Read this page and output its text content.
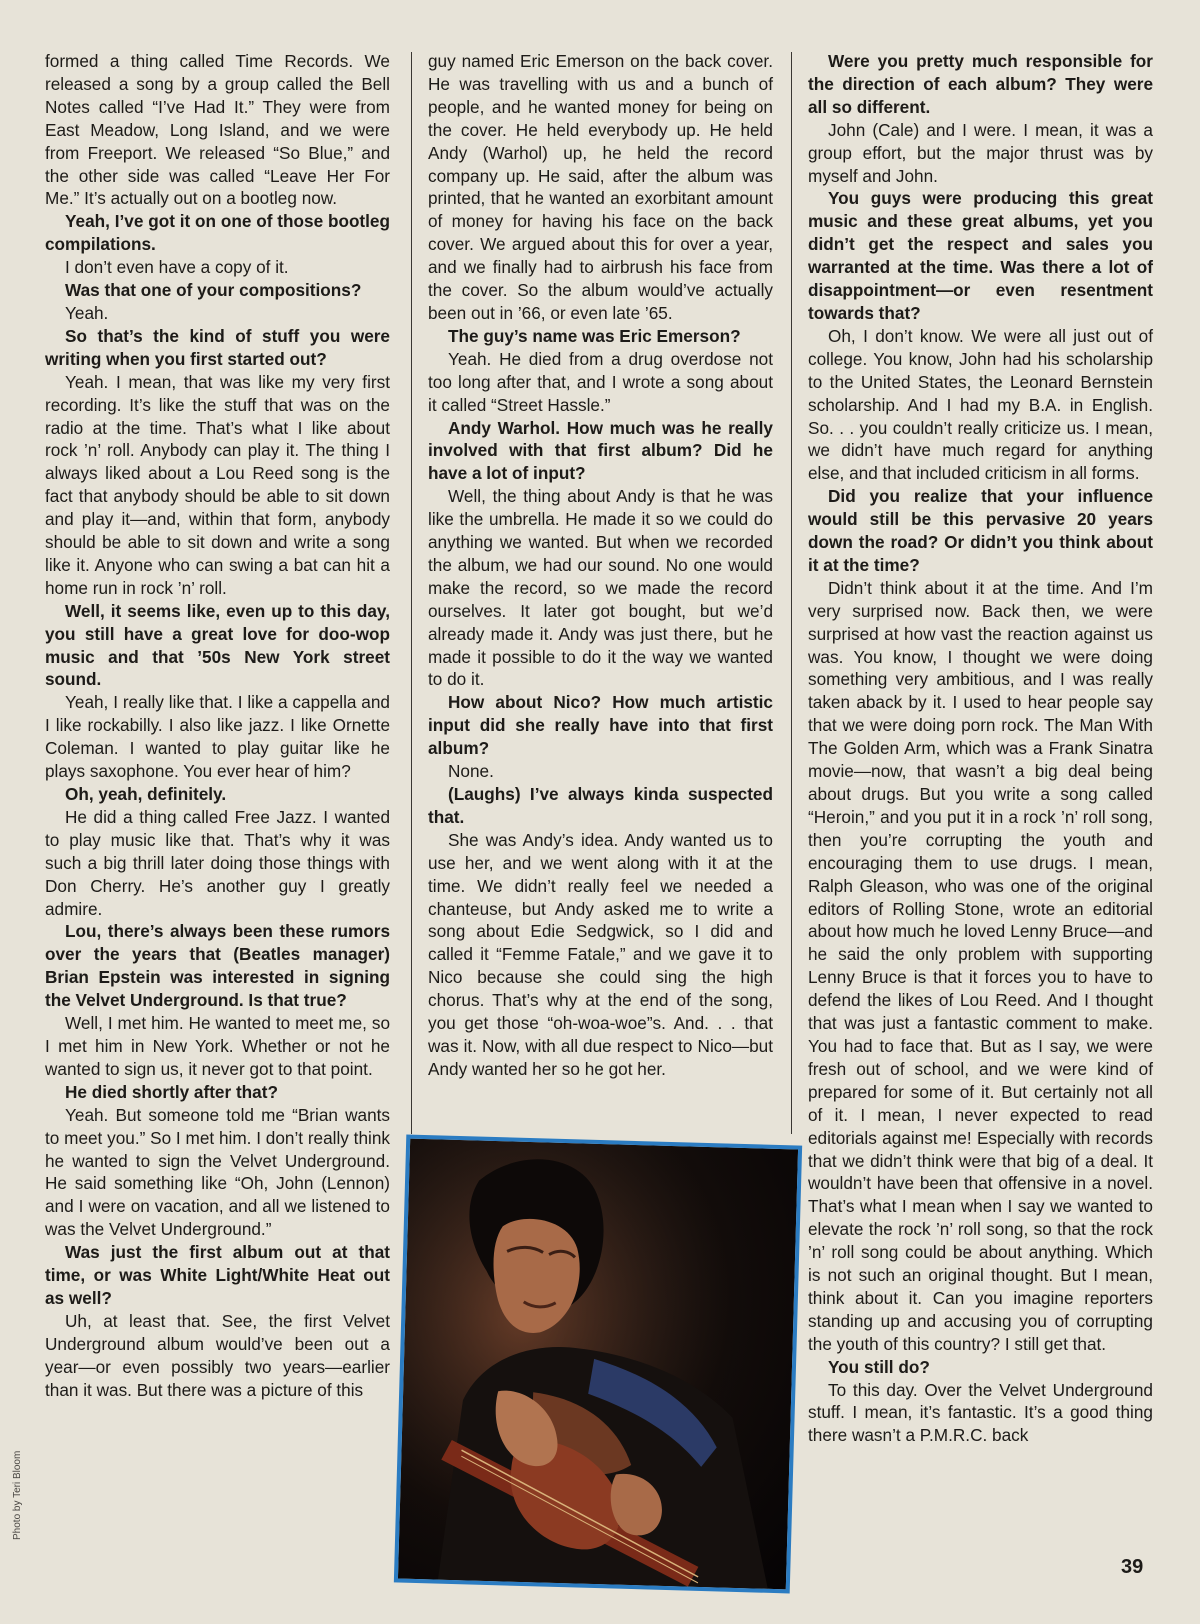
formed a thing called Time Records. We released a song by a group called the Bell Notes called “I’ve Had It.” They were from East Meadow, Long Island, and we were from Freeport. We released “So Blue,” and the other side was called “Leave Her For Me.” It’s actually out on a bootleg now.

Yeah, I’ve got it on one of those bootleg compilations.

I don’t even have a copy of it.

Was that one of your compositions?

Yeah.

So that’s the kind of stuff you were writing when you first started out?

Yeah. I mean, that was like my very first recording. It’s like the stuff that was on the radio at the time. That’s what I like about rock ’n’ roll. Anybody can play it. The thing I always liked about a Lou Reed song is the fact that anybody should be able to sit down and play it—and, within that form, anybody should be able to sit down and write a song like it. Anyone who can swing a bat can hit a home run in rock ’n’ roll.

Well, it seems like, even up to this day, you still have a great love for doo-wop music and that ’50s New York street sound.

Yeah, I really like that. I like a cappella and I like rockabilly. I also like jazz. I like Ornette Coleman. I wanted to play guitar like he plays saxophone. You ever hear of him?

Oh, yeah, definitely.

He did a thing called Free Jazz. I wanted to play music like that. That’s why it was such a big thrill later doing those things with Don Cherry. He’s another guy I greatly admire.

Lou, there’s always been these rumors over the years that (Beatles manager) Brian Epstein was interested in signing the Velvet Underground. Is that true?

Well, I met him. He wanted to meet me, so I met him in New York. Whether or not he wanted to sign us, it never got to that point.

He died shortly after that?

Yeah. But someone told me “Brian wants to meet you.” So I met him. I don’t really think he wanted to sign the Velvet Underground. He said something like “Oh, John (Lennon) and I were on vacation, and all we listened to was the Velvet Underground.”

Was just the first album out at that time, or was White Light/White Heat out as well?

Uh, at least that. See, the first Velvet Underground album would’ve been out a year—or even possibly two years—earlier than it was. But there was a picture of this

guy named Eric Emerson on the back cover. He was travelling with us and a bunch of people, and he wanted money for being on the cover. He held everybody up. He held Andy (Warhol) up, he held the record company up. He said, after the album was printed, that he wanted an exorbitant amount of money for having his face on the back cover. We argued about this for over a year, and we finally had to airbrush his face from the cover. So the album would’ve actually been out in ’66, or even late ’65.

The guy’s name was Eric Emerson?

Yeah. He died from a drug overdose not too long after that, and I wrote a song about it called “Street Hassle.”

Andy Warhol. How much was he really involved with that first album? Did he have a lot of input?

Well, the thing about Andy is that he was like the umbrella. He made it so we could do anything we wanted. But when we recorded the album, we had our sound. No one would make the record, so we made the record ourselves. It later got bought, but we’d already made it. Andy was just there, but he made it possible to do it the way we wanted to do it.

How about Nico? How much artistic input did she really have into that first album?

None.

(Laughs) I’ve always kinda suspected that.

She was Andy’s idea. Andy wanted us to use her, and we went along with it at the time. We didn’t really feel we needed a chanteuse, but Andy asked me to write a song about Edie Sedgwick, so I did and called it “Femme Fatale,” and we gave it to Nico because she could sing the high chorus. That’s why at the end of the song, you get those “oh-woa-woe”s. And. . . that was it. Now, with all due respect to Nico—but Andy wanted her so he got her.

Were you pretty much responsible for the direction of each album? They were all so different.

John (Cale) and I were. I mean, it was a group effort, but the major thrust was by myself and John.

You guys were producing this great music and these great albums, yet you didn’t get the respect and sales you warranted at the time. Was there a lot of disappointment—or even resentment towards that?

Oh, I don’t know. We were all just out of college. You know, John had his scholarship to the United States, the Leonard Bernstein scholarship. And I had my B.A. in English. So. . . you couldn’t really criticize us. I mean, we didn’t have much regard for anything else, and that included criticism in all forms.

Did you realize that your influence would still be this pervasive 20 years down the road? Or didn’t you think about it at the time?

Didn’t think about it at the time. And I’m very surprised now. Back then, we were surprised at how vast the reaction against us was. You know, I thought we were doing something very ambitious, and I was really taken aback by it. I used to hear people say that we were doing porn rock. The Man With The Golden Arm, which was a Frank Sinatra movie—now, that wasn’t a big deal being about drugs. But you write a song called “Heroin,” and you put it in a rock ’n’ roll song, then you’re corrupting the youth and encouraging them to use drugs. I mean, Ralph Gleason, who was one of the original editors of Rolling Stone, wrote an editorial about how much he loved Lenny Bruce—and he said the only problem with supporting Lenny Bruce is that it forces you to have to defend the likes of Lou Reed. And I thought that was just a fantastic comment to make. You had to face that. But as I say, we were fresh out of school, and we were kind of prepared for some of it. But certainly not all of it. I mean, I never expected to read editorials against me! Especially with records that we didn’t think were that big of a deal. It wouldn’t have been that offensive in a novel. That’s what I mean when I say we wanted to elevate the rock ’n’ roll song, so that the rock ’n’ roll song could be about anything. Which is not such an original thought. But I mean, think about it. Can you imagine reporters standing up and accusing you of corrupting the youth of this country? I still get that.

You still do?

To this day. Over the Velvet Underground stuff. I mean, it’s fantastic. It’s a good thing there wasn’t a P.M.R.C. back

Photo by Teri Bloom
39
